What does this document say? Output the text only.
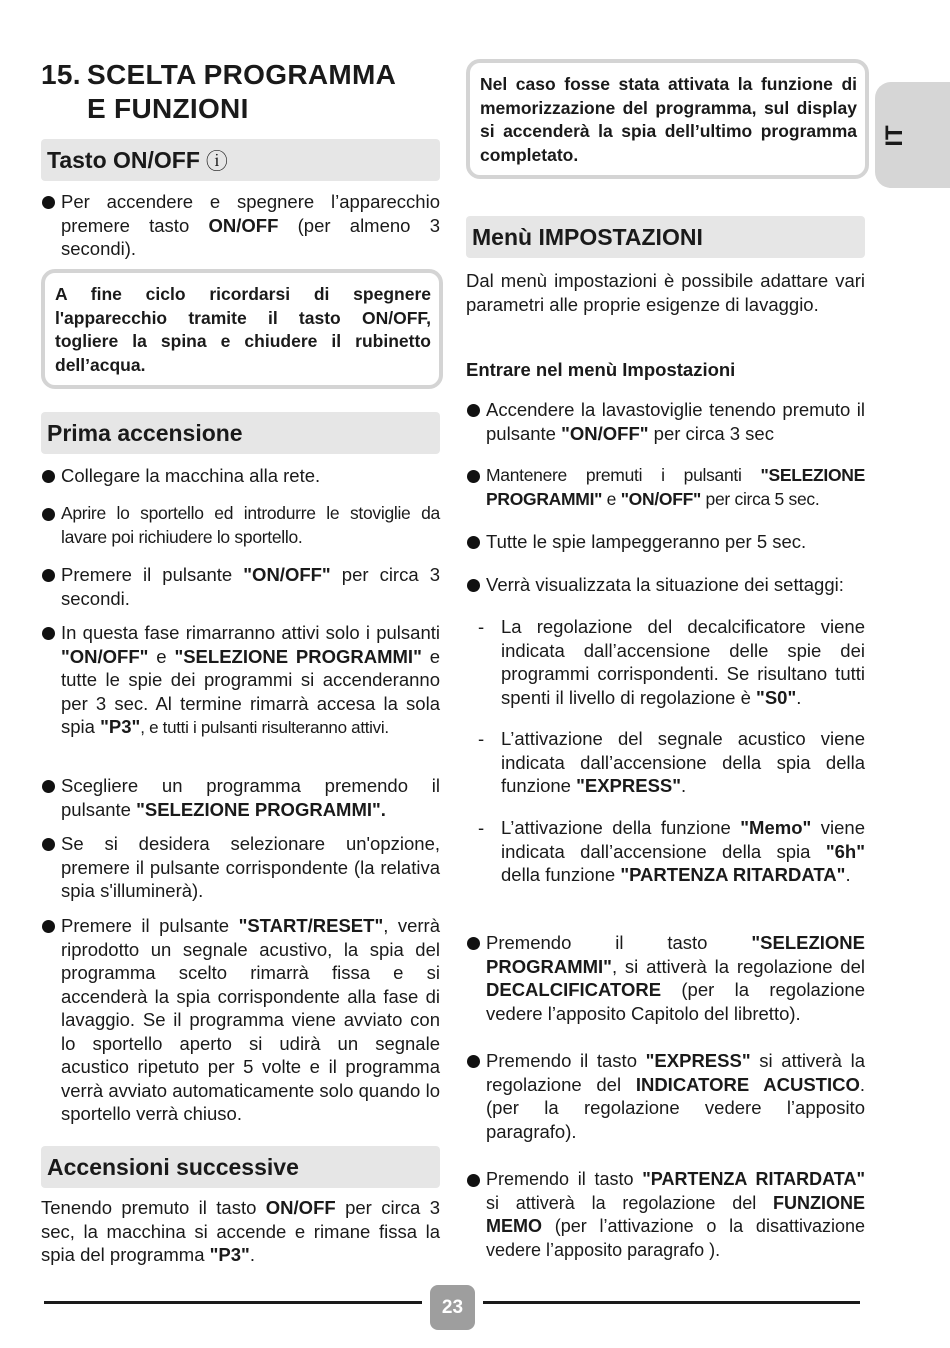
15. SCELTA PROGRAMMA
E FUNZIONI
IT
Tasto ON/OFF ⓘ
Per accendere e spegnere l’apparecchio premere tasto ON/OFF (per almeno 3 secondi).
A fine ciclo ricordarsi di spegnere l'apparecchio tramite il tasto ON/OFF, togliere la spina e chiudere il rubinetto dell’acqua.
Prima accensione
Collegare la macchina alla rete.
Aprire lo sportello ed introdurre le stoviglie da lavare poi richiudere lo sportello.
Premere il pulsante "ON/OFF" per circa 3 secondi.
In questa fase rimarranno attivi solo i pulsanti "ON/OFF" e "SELEZIONE PROGRAMMI" e tutte le spie dei programmi si accenderanno per 3 sec. Al termine rimarrà accesa la sola spia "P3", e tutti i pulsanti risulteranno attivi.
Scegliere un programma premendo il pulsante "SELEZIONE PROGRAMMI".
Se si desidera selezionare un'opzione, premere il pulsante corrispondente (la relativa spia s'illuminerà).
Premere il pulsante "START/RESET", verrà riprodotto un segnale acustivo, la spia del programma scelto rimarrà fissa e si accenderà la spia corrispondente alla fase di lavaggio. Se il programma viene avviato con lo sportello aperto si udirà un segnale acustico ripetuto per 5 volte e il programma verrà avviato automaticamente solo quando lo sportello verrà chiuso.
Accensioni successive
Tenendo premuto il tasto ON/OFF per circa 3 sec, la macchina si accende e rimane fissa la spia del programma "P3".
Nel caso fosse stata attivata la funzione di memorizzazione del programma, sul display si accenderà la spia dell’ultimo programma completato.
Menù IMPOSTAZIONI
Dal menù impostazioni è possibile adattare vari parametri alle proprie esigenze di lavaggio.
Entrare nel menù Impostazioni
Accendere la lavastoviglie tenendo premuto il pulsante "ON/OFF" per circa 3 sec
Mantenere premuti i pulsanti "SELEZIONE PROGRAMMI" e "ON/OFF" per circa 5 sec.
Tutte le spie lampeggeranno per 5 sec.
Verrà visualizzata la situazione dei settaggi:
- La regolazione del decalcificatore viene indicata dall’accensione delle spie dei programmi corrispondenti. Se risultano tutti spenti il livello di regolazione è "S0".
- L’attivazione del segnale acustico viene indicata dall’accensione della spia della funzione "EXPRESS".
- L’attivazione della funzione "Memo" viene indicata dall’accensione della spia "6h" della funzione "PARTENZA RITARDATA".
Premendo il tasto "SELEZIONE PROGRAMMI", si attiverà la regolazione del DECALCIFICATORE (per la regolazione vedere l’apposito Capitolo del libretto).
Premendo il tasto "EXPRESS" si attiverà la regolazione del INDICATORE ACUSTICO. (per la regolazione vedere l’apposito paragrafo).
Premendo il tasto "PARTENZA RITARDATA" si attiverà la regolazione del FUNZIONE MEMO (per l’attivazione o la disattivazione vedere l’apposito paragrafo ).
23
